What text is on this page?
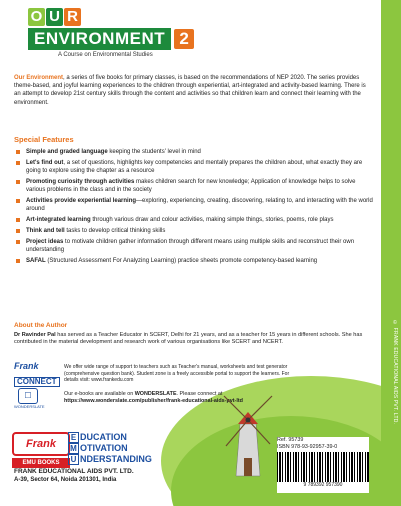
© FRANK EDUCATIONAL AIDS PVT. LTD.
O U R
ENVIRONMENT 2
A Course on Environmental Studies
Our Environment, a series of five books for primary classes, is based on the recommendations of NEP 2020. The series provides theme-based, and joyful learning experiences to the children through experiential, art-integrated and activity-based learning. There is an attempt to develop 21st century skills through the content and activities so that children learn and connect their learning with the environment.
Special Features
Simple and graded language keeping the students' level in mind
Let's find out, a set of questions, highlights key competencies and mentally prepares the children about, what exactly they are going to explore using the chapter as a resource
Promoting curiosity through activities makes children search for new knowledge; Application of knowledge helps to solve various problems in the class and in the society
Activities provide experiential learning—exploring, experiencing, creating, discovering, relating to, and interacting with the world around
Art-integrated learning through various draw and colour activities, making simple things, stories, poems, role plays
Think and tell tasks to develop critical thinking skills
Project ideas to motivate children gather information through different means using multiple skills and reconstruct their own understanding
SAFAL (Structured Assessment For Analyzing Learning) practice sheets promote competency-based learning
About the Author
Dr Ravinder Pal has served as a Teacher Educator in SCERT, Delhi for 21 years, and as a teacher for 15 years in different schools. She has contributed in the material development and research work of various organisations like SCERT and NCERT.
Frank
CONNECT
We offer wide range of support to teachers such as Teacher's manual, worksheets and test generator (comprehensive question bank). Student zone is a freely accessible portal to support the learners. For details visit: www.frankedu.com
☐
WONDERSLATE
Our e-books are available on WONDERSLATE. Please connect at
https://www.wonderslate.com/publisher/frank-educational-aids-pvt-ltd
Frank
EMU BOOKS
E DUCATION
M OTIVATION
U NDERSTANDING
FRANK EDUCATIONAL AIDS PVT. LTD.
A-39, Sector 64, Noida 201301, India
Ref. 95739
ISBN 978-93-92957-39-0
9 789392 957390
